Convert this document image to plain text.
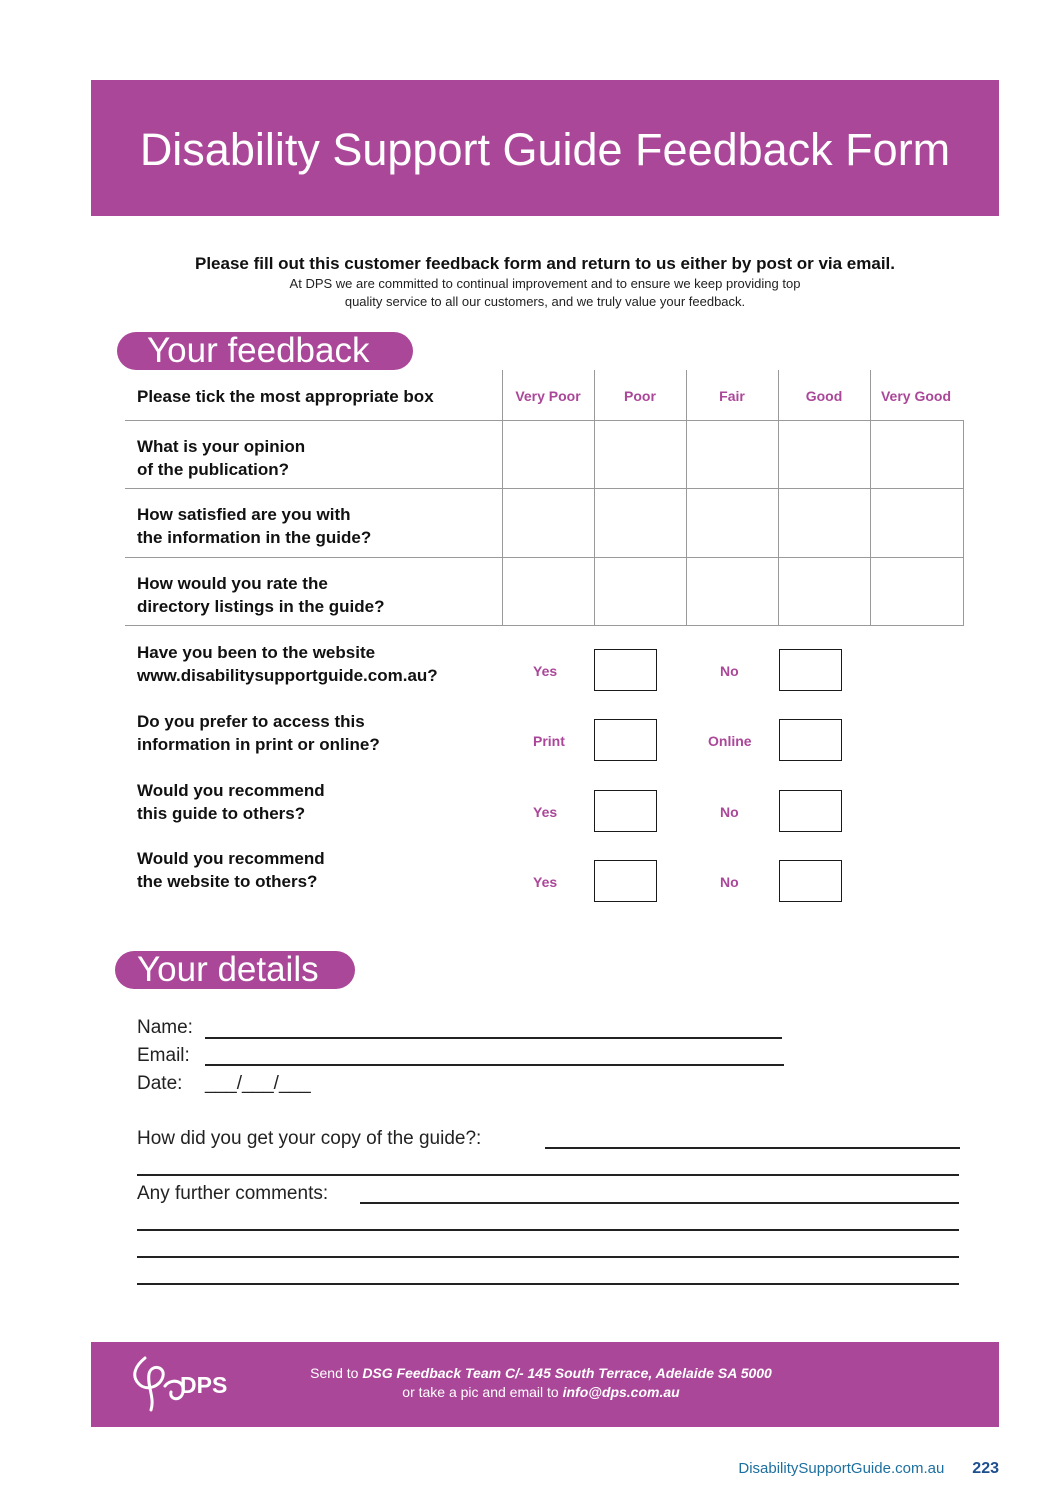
Disability Support Guide Feedback Form
Please fill out this customer feedback form and return to us either by post or via email.
At DPS we are committed to continual improvement and to ensure we keep providing top
quality service to all our customers, and we truly value your feedback.
Your feedback
Please tick the most appropriate box	Very Poor	Poor	Fair	Good	Very Good
What is your opinion
of the publication?
How satisfied are you with
the information in the guide?
How would you rate the
directory listings in the guide?
Have you been to the website
www.disabilitysupportguide.com.au?	Yes	No
Do you prefer to access this
information in print or online?	Print	Online
Would you recommend
this guide to others?	Yes	No
Would you recommend
the website to others?	Yes	No
Your details
Name:
Email:
Date: ___/___/___
How did you get your copy of the guide?:
Any further comments:
DPS	Send to DSG Feedback Team C/- 145 South Terrace, Adelaide SA 5000
or take a pic and email to info@dps.com.au
DisabilitySupportGuide.com.au 223
